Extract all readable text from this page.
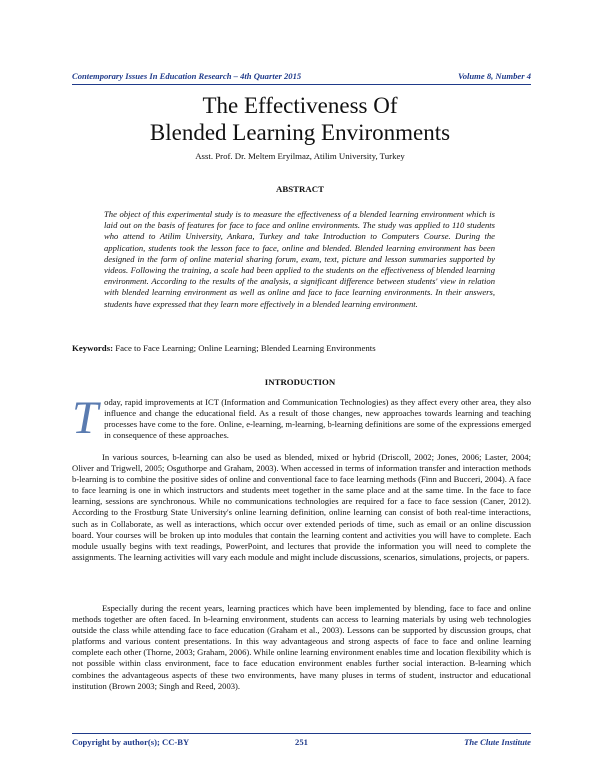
Contemporary Issues In Education Research – 4th Quarter 2015	Volume 8, Number 4
The Effectiveness Of
Blended Learning Environments
Asst. Prof. Dr. Meltem Eryilmaz, Atilim University, Turkey
ABSTRACT

The object of this experimental study is to measure the effectiveness of a blended learning environment which is laid out on the basis of features for face to face and online environments. The study was applied to 110 students who attend to Atilim University, Ankara, Turkey and take Introduction to Computers Course. During the application, students took the lesson face to face, online and blended. Blended learning environment has been designed in the form of online material sharing forum, exam, text, picture and lesson summaries supported by videos. Following the training, a scale had been applied to the students on the effectiveness of blended learning environment. According to the results of the analysis, a significant difference between students' view in relation with blended learning environment as well as online and face to face learning environments. In their answers, students have expressed that they learn more effectively in a blended learning environment.

Keywords: Face to Face Learning; Online Learning; Blended Learning Environments
INTRODUCTION
Today, rapid improvements at ICT (Information and Communication Technologies) as they affect every other area, they also influence and change the educational field. As a result of those changes, new approaches towards learning and teaching processes have come to the fore. Online, e-learning, m-learning, b-learning definitions are some of the expressions emerged in consequence of these approaches.

In various sources, b-learning can also be used as blended, mixed or hybrid (Driscoll, 2002; Jones, 2006; Laster, 2004; Oliver and Trigwell, 2005; Osguthorpe and Graham, 2003). When accessed in terms of information transfer and interaction methods b-learning is to combine the positive sides of online and conventional face to face learning methods (Finn and Bucceri, 2004). A face to face learning is one in which instructors and students meet together in the same place and at the same time. In the face to face learning, sessions are synchronous. While no communications technologies are required for a face to face session (Caner, 2012). According to the Frostburg State University's online learning definition, online learning can consist of both real-time interactions, such as in Collaborate, as well as interactions, which occur over extended periods of time, such as email or an online discussion board. Your courses will be broken up into modules that contain the learning content and activities you will have to complete. Each module usually begins with text readings, PowerPoint, and lectures that provide the information you will need to complete the assignments. The learning activities will vary each module and might include discussions, scenarios, simulations, projects, or papers.

Especially during the recent years, learning practices which have been implemented by blending, face to face and online methods together are often faced. In b-learning environment, students can access to learning materials by using web technologies outside the class while attending face to face education (Graham et al., 2003). Lessons can be supported by discussion groups, chat platforms and various content presentations. In this way advantageous and strong aspects of face to face and online learning complete each other (Thorne, 2003; Graham, 2006). While online learning environment enables time and location flexibility which is not possible within class environment, face to face education environment enables further social interaction. B-learning which combines the advantageous aspects of these two environments, have many pluses in terms of student, instructor and educational institution (Brown 2003; Singh and Reed, 2003).

Copyright by author(s); CC-BY	251	The Clute Institute
